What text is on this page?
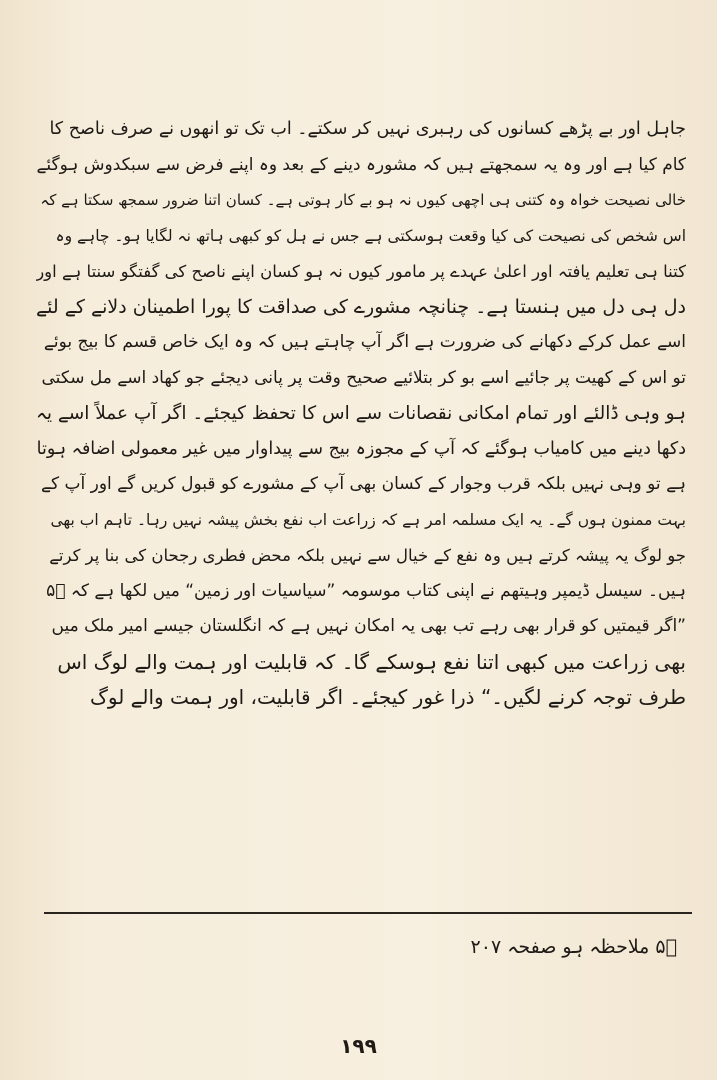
جاہل اور بے پڑھے کسانوں کی رہبری نہیں کر سکتے۔ اب تک تو انھوں نے صرف ناصح کا
کام کیا ہے اور وہ یہ سمجھتے ہیں کہ مشورہ دینے کے بعد وہ اپنے فرض سے سبکدوش ہوگئے
خالی نصیحت خواہ وہ کتنی ہی اچھی کیوں نہ ہو بے کار ہوتی ہے۔ کسان اتنا ضرور سمجھ سکتا ہے کہ
اس شخص کی نصیحت کی کیا وقعت ہوسکتی ہے جس نے ہل کو کبھی ہاتھ نہ لگایا ہو۔ چاہے وہ
کتنا ہی تعلیم یافتہ اور اعلیٰ عہدے پر مامور کیوں نہ ہو کسان اپنے ناصح کی گفتگو سنتا ہے اور
دل ہی دل میں ہنستا ہے۔ چنانچہ مشورے کی صداقت کا پورا اطمینان دلانے کے لئے
اسے عمل کرکے دکھانے کی ضرورت ہے اگر آپ چاہتے ہیں کہ وہ ایک خاص قسم کا بیج بوئے
تو اس کے کھیت پر جائیے اسے بو کر بتلائیے صحیح وقت پر پانی دیجئے جو کھاد اسے مل سکتی
ہو وہی ڈالئے اور تمام امکانی نقصانات سے اس کا تحفظ کیجئے۔ اگر آپ عملاً اسے یہ
دکھا دینے میں کامیاب ہوگئے کہ آپ کے مجوزہ بیج سے پیداوار میں غیر معمولی اضافہ ہوتا
ہے تو وہی نہیں بلکہ قرب وجوار کے کسان بھی آپ کے مشورے کو قبول کریں گے اور آپ کے
بہت ممنون ہوں گے۔ یہ ایک مسلمہ امر ہے کہ زراعت اب نفع بخش پیشہ نہیں رہا۔ تاہم اب بھی
جو لوگ یہ پیشہ کرتے ہیں وہ نفع کے خیال سے نہیں بلکہ محض فطری رجحان کی بنا پر کرتے
ہیں۔ سیسل ڈیمپر وہیتھم نے اپنی کتاب موسومہ ”سیاسیات اور زمین“ میں لکھا ہے کہ ۵ؔ
”اگر قیمتیں کو قرار بھی رہے تب بھی یہ امکان نہیں ہے کہ انگلستان جیسے امیر ملک میں
بھی زراعت میں کبھی اتنا نفع ہوسکے گا۔ کہ قابلیت اور ہمت والے لوگ اس
طرف توجہ کرنے لگیں۔“ ذرا غور کیجئے۔ اگر قابلیت، اور ہمت والے لوگ
۵ؔ ملاحظہ ہو صفحہ ۲۰۷
۱۹۹
